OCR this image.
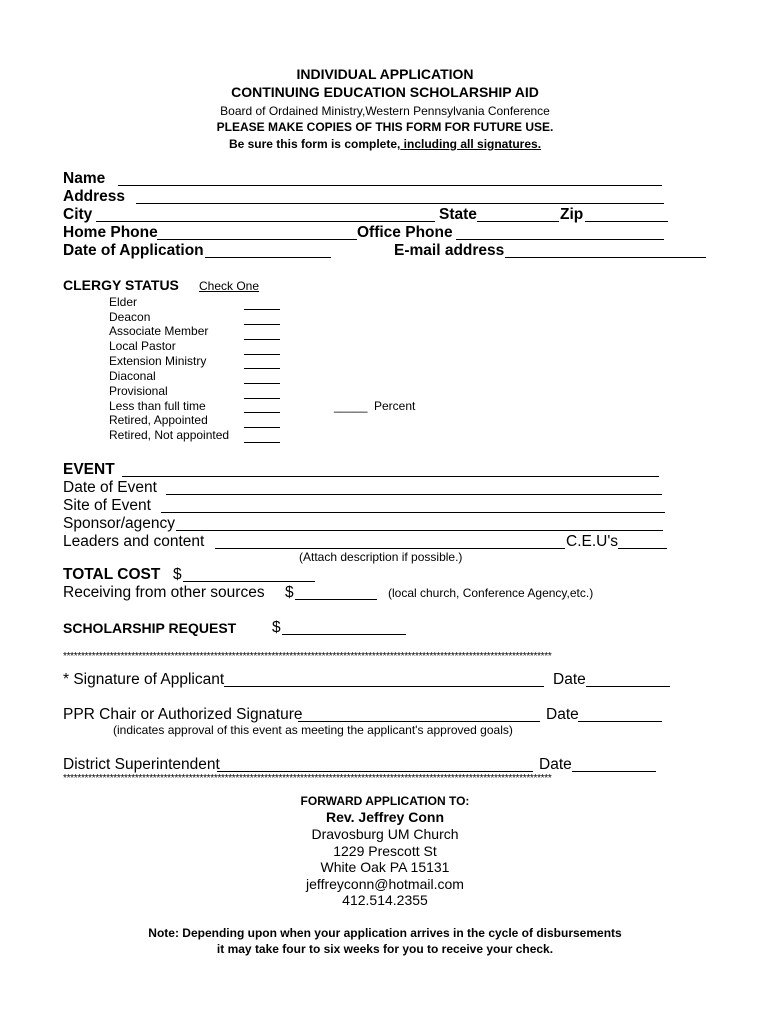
INDIVIDUAL APPLICATION
CONTINUING EDUCATION SCHOLARSHIP AID
Board of Ordained Ministry,Western Pennsylvania Conference
PLEASE MAKE COPIES OF THIS FORM FOR FUTURE USE.
Be sure this form is complete, including all signatures.
Name
Address
City	State	Zip
Home Phone	Office Phone
Date of Application	E-mail address
CLERGY STATUS Check One
Elder
Deacon
Associate Member
Local Pastor
Extension Ministry
Diaconal
Provisional
Less than full time
Retired, Appointed
Retired, Not appointed
_____ Percent
EVENT
Date of Event
Site of Event
Sponsor/agency
Leaders and content	C.E.U's
(Attach description if possible.)
TOTAL COST $
Receiving from other sources $	(local church, Conference Agency,etc.)
SCHOLARSHIP REQUEST $
****************************************************************************************************************************************
* Signature of Applicant	Date
PPR Chair or Authorized Signature	Date
(indicates approval of this event as meeting the applicant's approved goals)
District Superintendent	Date
****************************************************************************************************************************************
FORWARD APPLICATION TO:
Rev. Jeffrey Conn
Dravosburg UM Church
1229 Prescott St
White Oak PA 15131
jeffreyconn@hotmail.com
412.514.2355
Note: Depending upon when your application arrives in the cycle of disbursements
it may take four to six weeks for you to receive your check.
